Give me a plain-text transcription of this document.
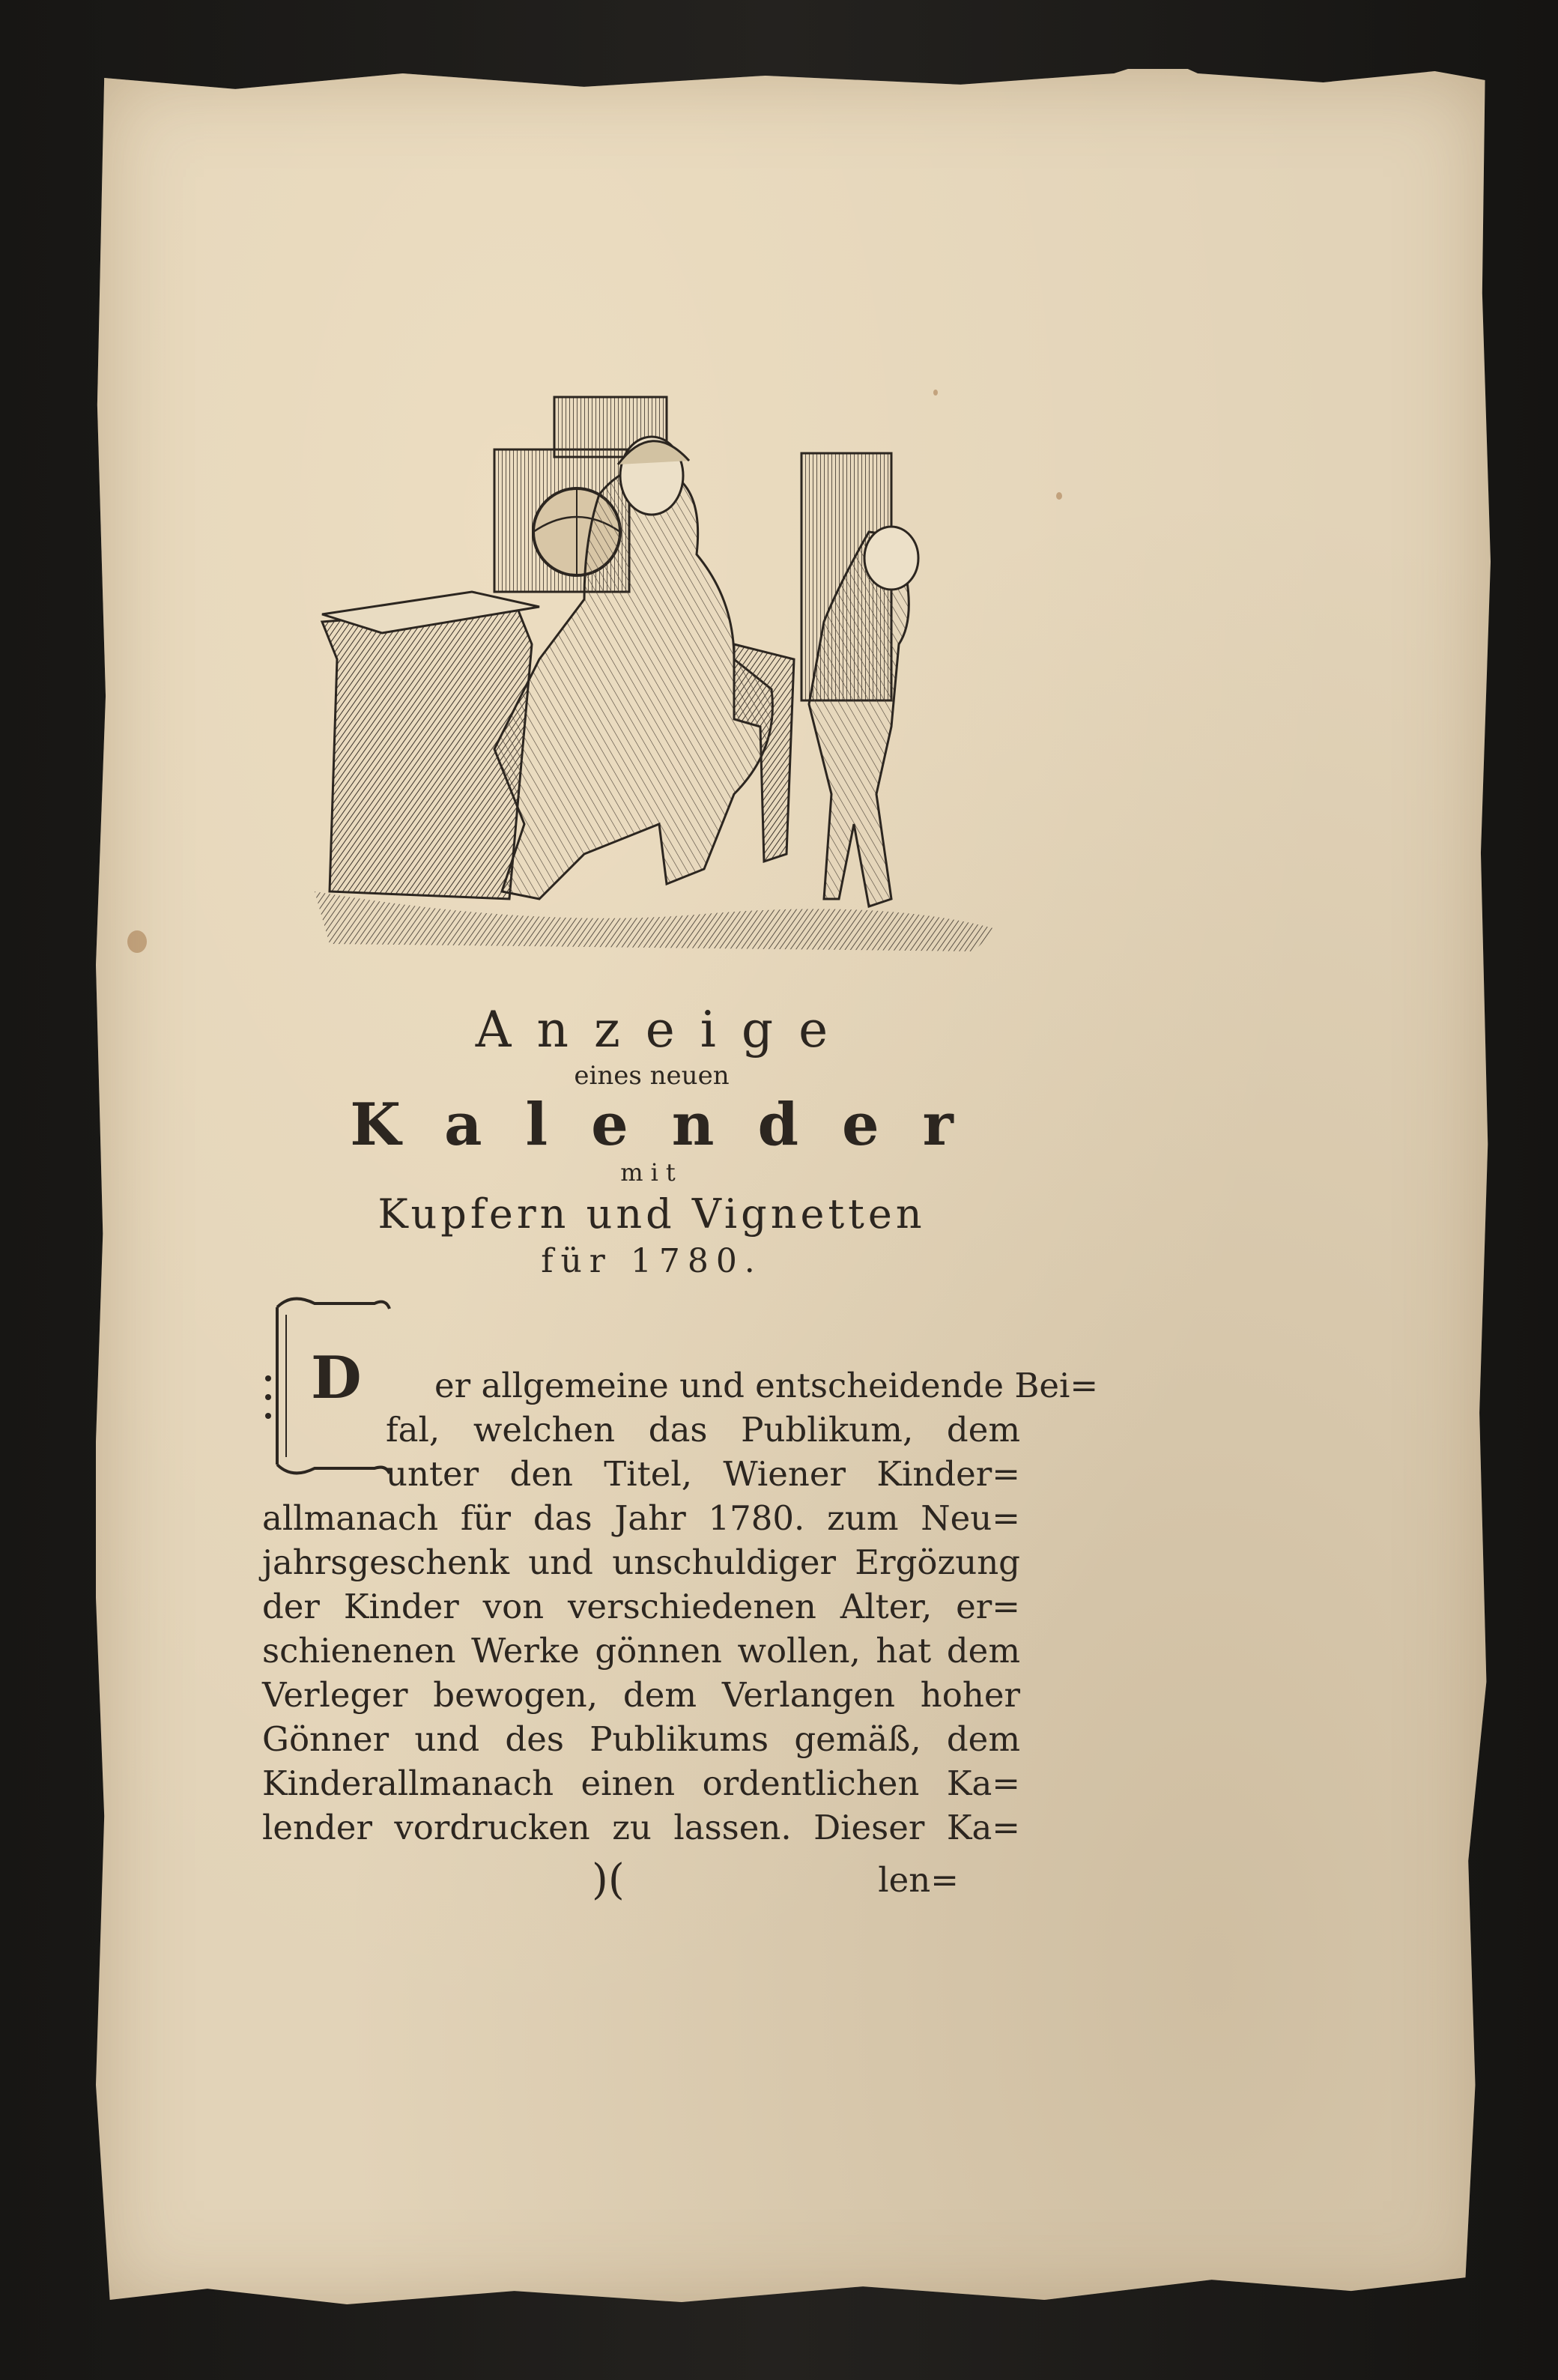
Anzeige
eines neuen
Kalender
mit
Kupfern und Vignetten
für 1780.
D er allgemeine und entscheidende Bei=
fal, welchen das Publikum, dem
unter den Titel, Wiener Kinder=
allmanach für das Jahr 1780. zum Neu=
jahrsgeschenk und unschuldiger Ergözung
der Kinder von verschiedenen Alter, er=
schienenen Werke gönnen wollen, hat dem
Verleger bewogen, dem Verlangen hoher
Gönner und des Publikums gemäß, dem
Kinderallmanach einen ordentlichen Ka=
lender vordrucken zu lassen. Dieser Ka=
)(	len=
